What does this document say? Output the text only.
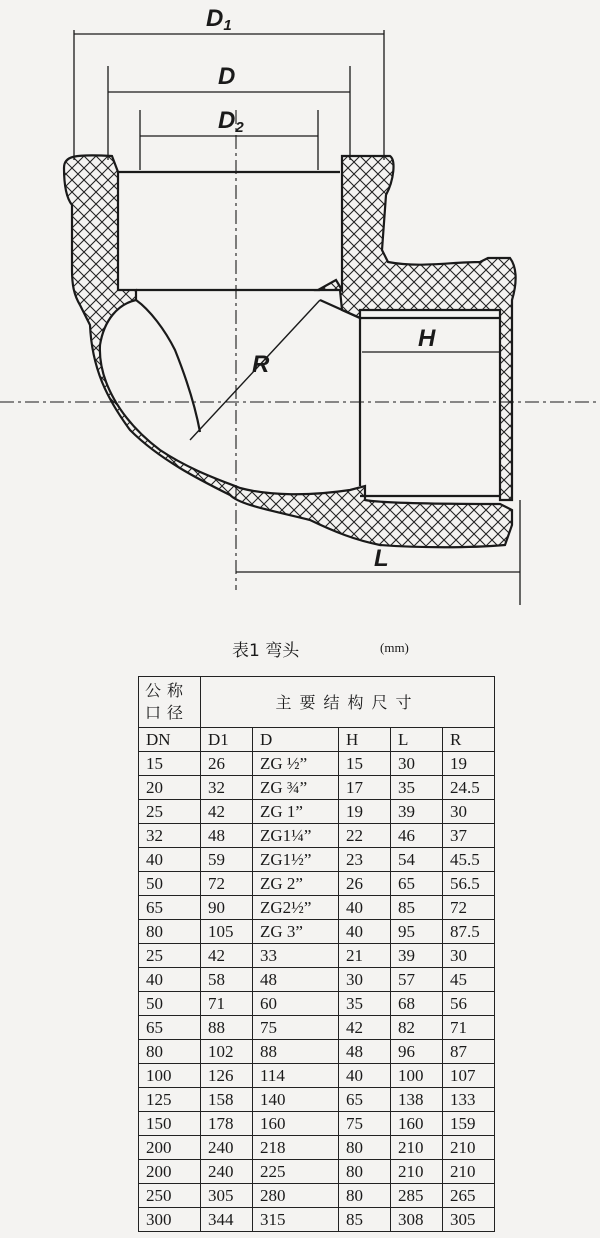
D1
D
D2
H
R
L
表1 弯头	(mm)
公称口径	主要结构尺寸				
DN	D1	D	H	L	R
15	26	ZG ½”	15	30	19
20	32	ZG ¾”	17	35	24.5
25	42	ZG 1”	19	39	30
32	48	ZG1¼”	22	46	37
40	59	ZG1½”	23	54	45.5
50	72	ZG 2”	26	65	56.5
65	90	ZG2½”	40	85	72
80	105	ZG 3”	40	95	87.5
25	42	33	21	39	30
40	58	48	30	57	45
50	71	60	35	68	56
65	88	75	42	82	71
80	102	88	48	96	87
100	126	114	40	100	107
125	158	140	65	138	133
150	178	160	75	160	159
200	240	218	80	210	210
200	240	225	80	210	210
250	305	280	80	285	265
300	344	315	85	308	305
